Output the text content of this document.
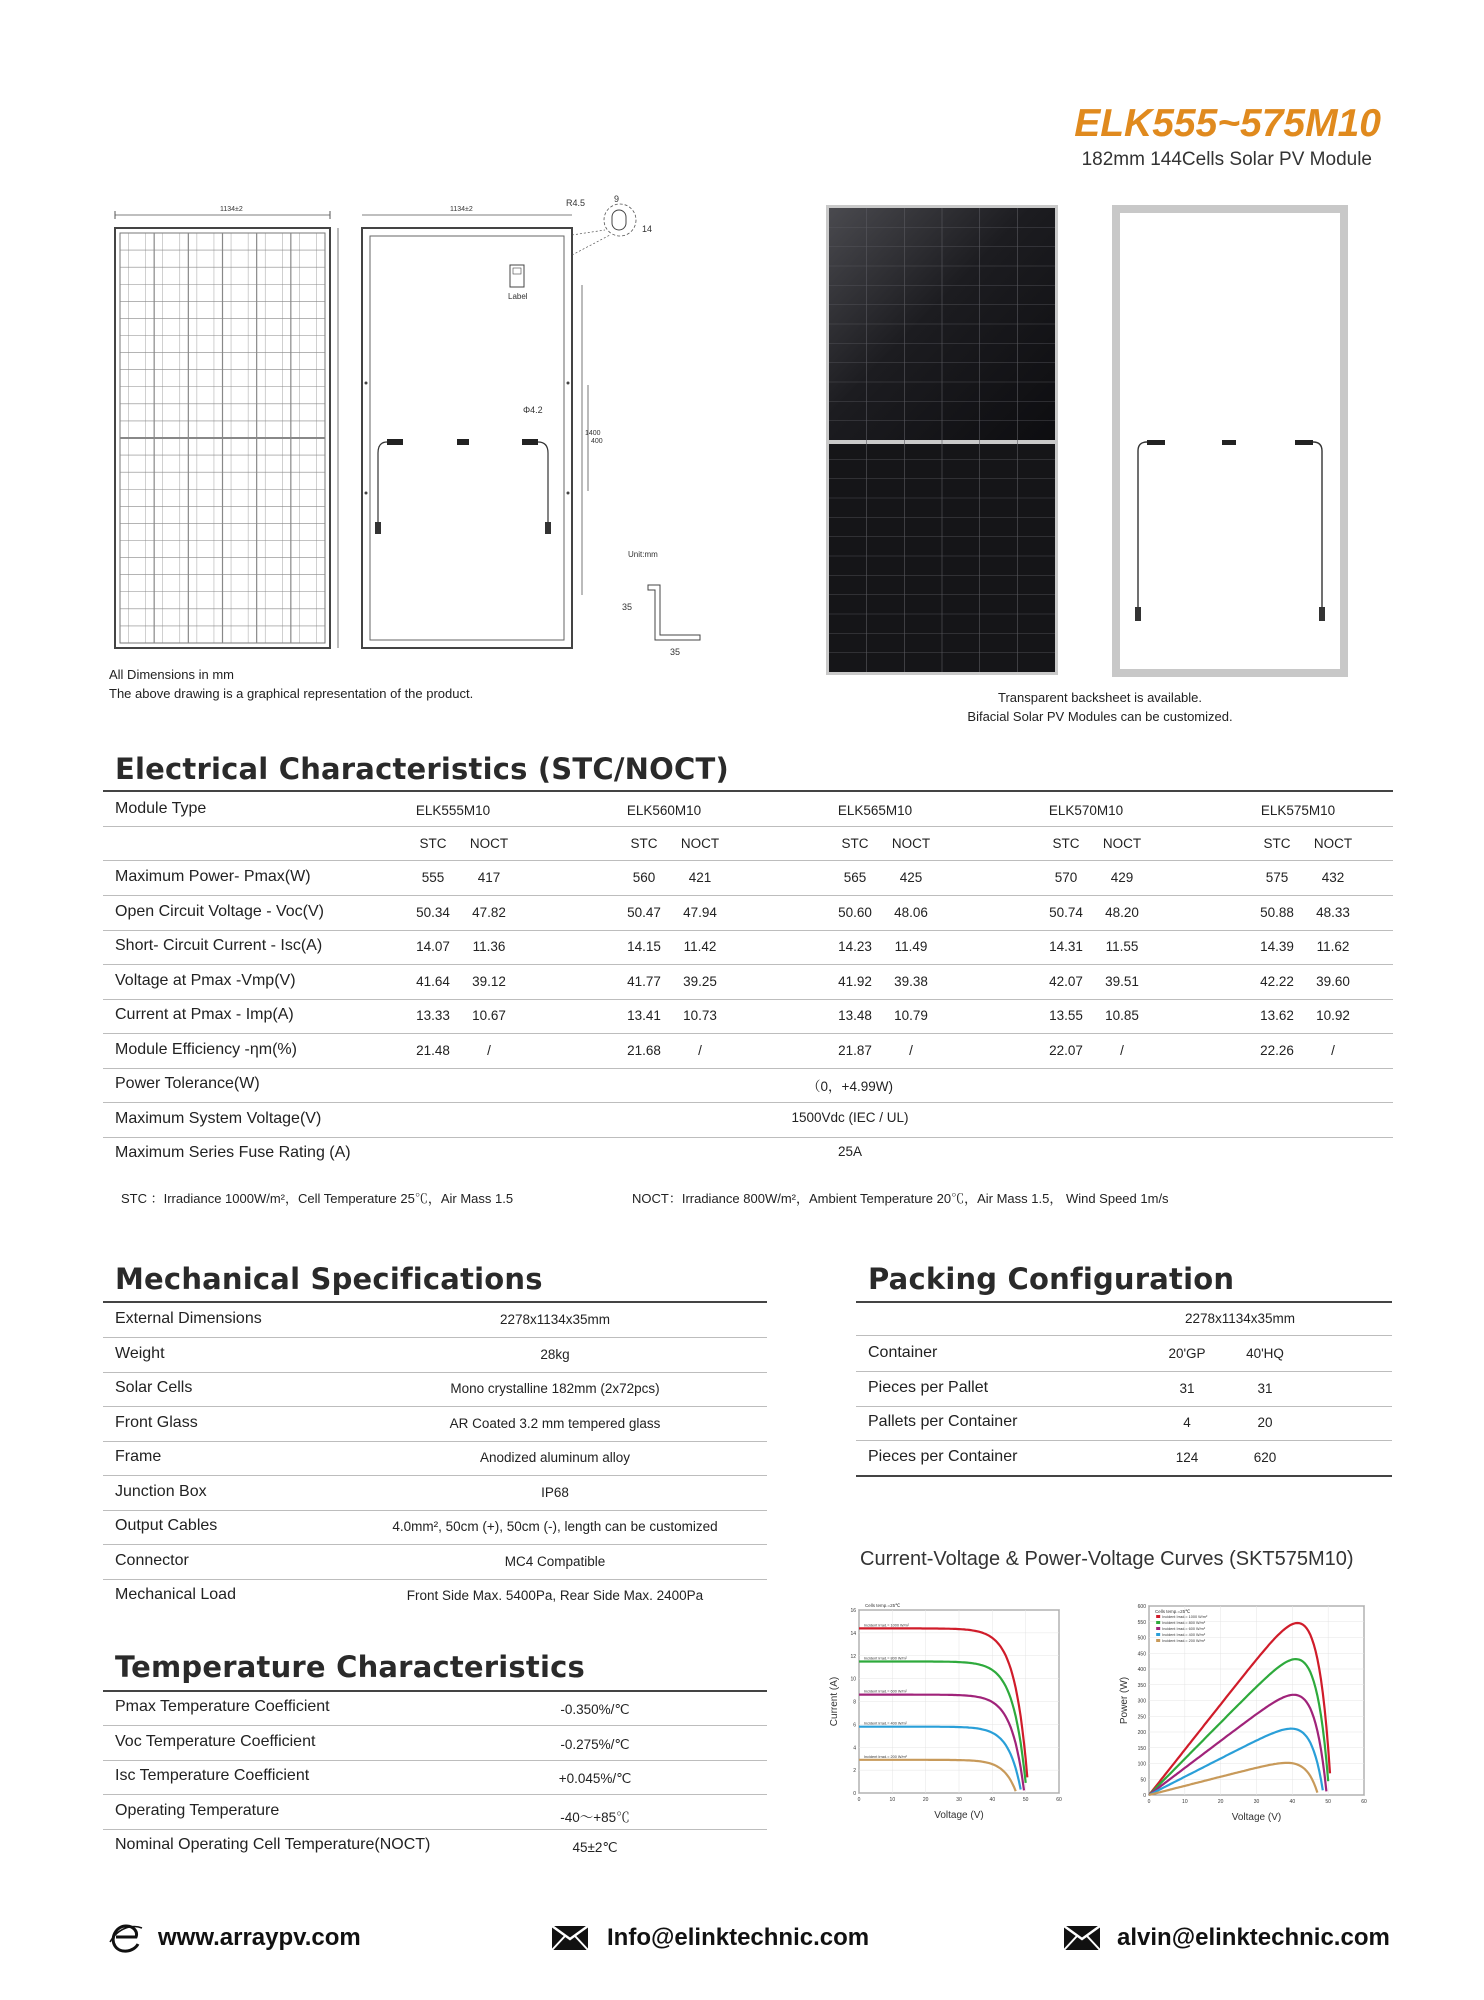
ELK555~575M10
182mm 144Cells Solar PV Module
1134±2
Label
1134±2
R4.5	9
14
1400
400
Φ4.2
Unit:mm
35
35
All Dimensions in mm
The above drawing is a graphical representation of the product.	Transparent backsheet is available.
Bifacial Solar PV Modules can be customized.
Electrical Characteristics (STC/NOCT)
Mechanical Specifications	Packing Configuration
Temperature Characteristics
Current-Voltage & Power-Voltage Curves (SKT575M10)
0
2
4
6
8
10
12
14
16
0	10	20	30	40	50	60
Incident Irrad.= 1000 W/m²
Incident Irrad.= 800 W/m²
Incident Irrad.= 600 W/m²
Incident Irrad.= 400 W/m²
Incident Irrad.= 200 W/m²
Cells temp.=25℃
Voltage (V)
Current (A)
0
50
100
150
200
250
300
350
400
450
500
550
600
0	10	20	30	40	50	60
Incident Irrad.= 1000 W/m²
Incident Irrad.= 800 W/m²
Incident Irrad.= 600 W/m²
Incident Irrad.= 400 W/m²
Incident Irrad.= 200 W/m²
Cells temp.=25℃
Voltage (V)
Power (W)
www.arraypv.com	Info@elinktechnic.com	alvin@elinktechnic.com
Module Type	ELK555M10	ELK560M10	ELK565M10	ELK570M10	ELK575M10
STC	NOCT	STC	NOCT	STC	NOCT	STC	NOCT	STC	NOCT
Maximum Power- Pmax(W)	555	417	560	421	565	425	570	429	575	432
Open Circuit Voltage - Voc(V)	50.34	47.82	50.47	47.94	50.60	48.06	50.74	48.20	50.88	48.33
Short- Circuit Current - Isc(A)	14.07	11.36	14.15	11.42	14.23	11.49	14.31	11.55	14.39	11.62
Voltage at Pmax -Vmp(V)	41.64	39.12	41.77	39.25	41.92	39.38	42.07	39.51	42.22	39.60
Current at Pmax - Imp(A)	13.33	10.67	13.41	10.73	13.48	10.79	13.55	10.85	13.62	10.92
Module Efficiency -ηm(%)	21.48	/	21.68	/	21.87	/	22.07	/	22.26	/
Power Tolerance(W)	（0，+4.99W)
Maximum System Voltage(V)	1500Vdc (IEC / UL)
Maximum Series Fuse Rating (A)	25A
STC ：Irradiance 1000W/m²，Cell Temperature 25℃，Air Mass 1.5	NOCT：Irradiance 800W/m²，Ambient Temperature 20℃，Air Mass 1.5， Wind Speed 1m/s
External Dimensions	2278x1134x35mm
Weight	28kg
Solar Cells	Mono crystalline 182mm (2x72pcs)
Front Glass	AR Coated 3.2 mm tempered glass
Frame	Anodized aluminum alloy
Junction Box	IP68
Output Cables	4.0mm², 50cm (+), 50cm (-), length can be customized
Connector	MC4 Compatible
Mechanical Load	Front Side Max. 5400Pa, Rear Side Max. 2400Pa
2278x1134x35mm
Container	20'GP	40'HQ
Pieces per Pallet	31	31
Pallets per Container	4	20
Pieces per Container	124	620
Pmax Temperature Coefficient	-0.350%/℃
Voc Temperature Coefficient	-0.275%/℃
Isc Temperature Coefficient	+0.045%/℃
Operating Temperature	-40～+85℃
Nominal Operating Cell Temperature(NOCT)	45±2℃
